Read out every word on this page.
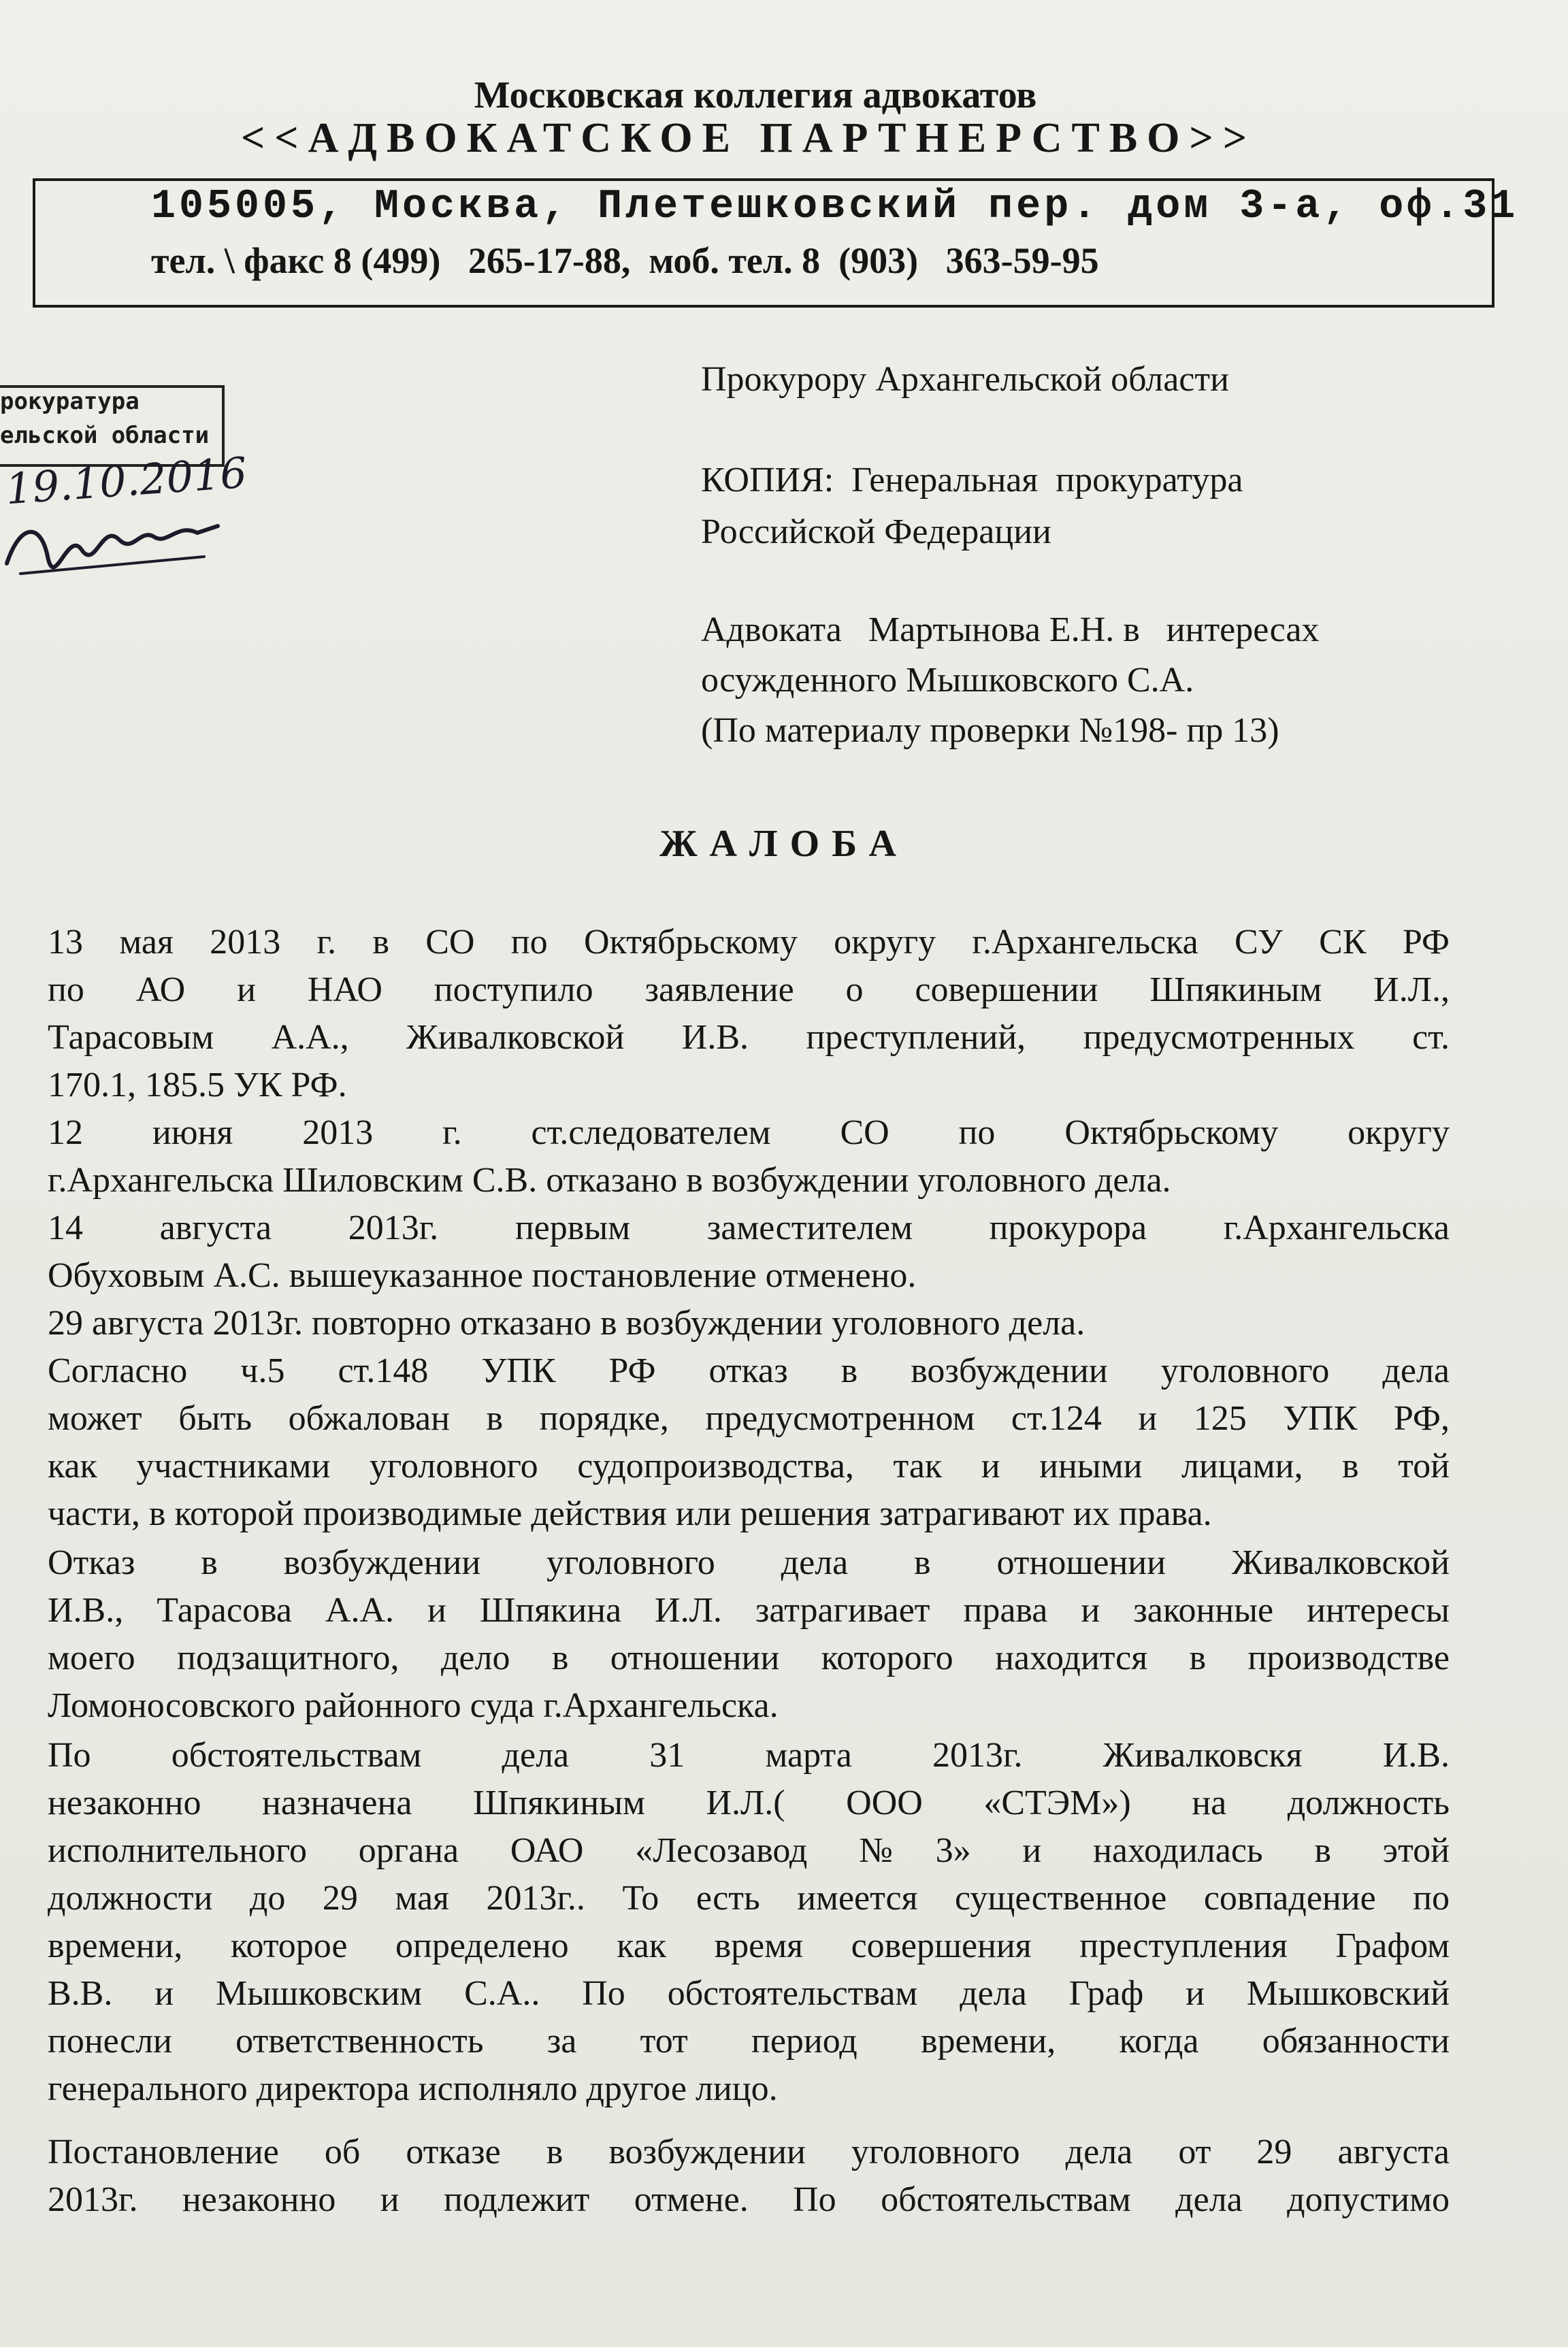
Московская коллегия адвокатов
<<АДВОКАТСКОЕ ПАРТНЕРСТВО>>
105005, Москва, Плетешковский пер. дом 3-а, оф.31
тел. \ факс 8 (499)   265-17-88,  моб. тел. 8  (903)   363-59-95
рокуратура
ельской области
19.10.2016
Прокурору Архангельской области
КОПИЯ:  Генеральная  прокуратура
Российской Федерации
Адвоката   Мартынова Е.Н. в   интересах
осужденного Мышковского С.А.
(По материалу проверки №198- пр 13)
ЖАЛОБА
13 мая 2013 г. в СО по Октябрьскому округу г.Архангельска СУ СК РФ
по АО и НАО поступило заявление о совершении Шпякиным И.Л.,
Тарасовым А.А., Живалковской И.В. преступлений, предусмотренных ст.
170.1, 185.5 УК РФ.
12 июня 2013 г. ст.следователем СО по Октябрьскому округу
г.Архангельска Шиловским С.В. отказано в возбуждении уголовного дела.
14 августа 2013г. первым заместителем прокурора г.Архангельска
Обуховым А.С. вышеуказанное постановление отменено.
29 августа 2013г. повторно отказано в возбуждении уголовного дела.
Согласно ч.5 ст.148 УПК РФ отказ в возбуждении уголовного дела
может быть обжалован в порядке, предусмотренном ст.124 и 125 УПК РФ,
как участниками уголовного судопроизводства, так и иными лицами, в той
части, в которой производимые действия или решения затрагивают их права.
Отказ в возбуждении уголовного дела в отношении Живалковской
И.В., Тарасова А.А. и Шпякина И.Л. затрагивает права и законные интересы
моего подзащитного, дело в отношении которого находится в производстве
Ломоносовского районного суда г.Архангельска.
По обстоятельствам дела 31 марта 2013г. Живалковскя И.В.
незаконно назначена Шпякиным И.Л.( ООО «СТЭМ») на должность
исполнительного органа ОАО «Лесозавод №3» и находилась в этой
должности до 29 мая 2013г.. То есть имеется существенное совпадение по
времени, которое определено как время совершения преступления Графом
В.В. и Мышковским С.А.. По обстоятельствам дела Граф и Мышковский
понесли ответственность за тот период времени, когда обязанности
генерального директора исполняло другое лицо.
Постановление об отказе в возбуждении уголовного дела от 29 августа
2013г. незаконно и подлежит отмене. По обстоятельствам дела допустимо
